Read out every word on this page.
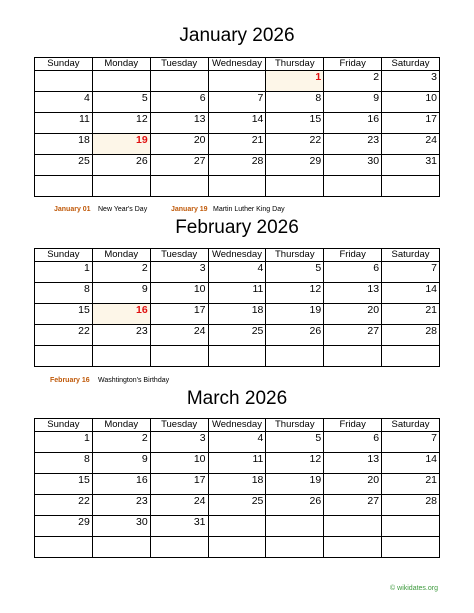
January 2026
Sunday	Monday	Tuesday	Wednesday	Thursday	Friday	Saturday
				1	2	3
4	5	6	7	8	9	10
11	12	13	14	15	16	17
18	19	20	21	22	23	24
25	26	27	28	29	30	31

January 01 New Year's Day	January 19 Martin Luther King Day
February 2026
Sunday	Monday	Tuesday	Wednesday	Thursday	Friday	Saturday
1	2	3	4	5	6	7
8	9	10	11	12	13	14
15	16	17	18	19	20	21
22	23	24	25	26	27	28

February 16 Washtington's Birthday
March 2026
Sunday	Monday	Tuesday	Wednesday	Thursday	Friday	Saturday
1	2	3	4	5	6	7
8	9	10	11	12	13	14
15	16	17	18	19	20	21
22	23	24	25	26	27	28
29	30	31				

© wikidates.org
